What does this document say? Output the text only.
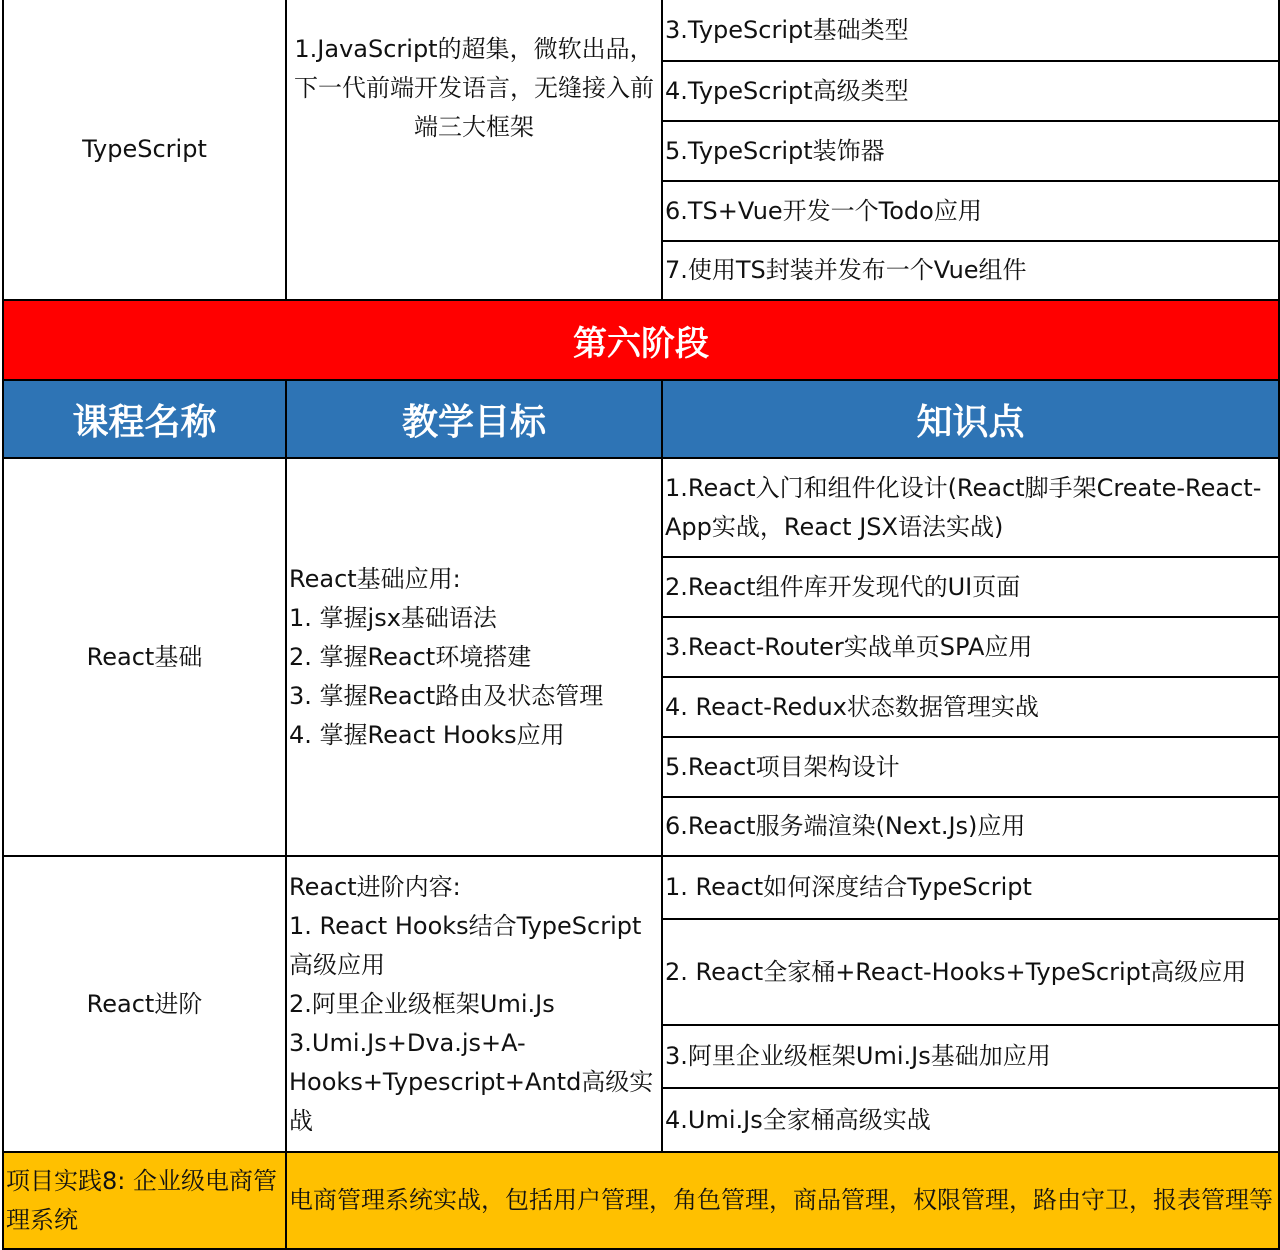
TypeScript
1.JavaScript的超集，微软出品，下一代前端开发语言，无缝接入前端三大框架
3.TypeScript基础类型
4.TypeScript高级类型
5.TypeScript装饰器
6.TS+Vue开发一个Todo应用
7.使用TS封装并发布一个Vue组件
第六阶段
课程名称	教学目标	知识点
React基础
React基础应用:
1. 掌握jsx基础语法
2. 掌握React环境搭建
3. 掌握React路由及状态管理
4. 掌握React Hooks应用
1.React入门和组件化设计(React脚手架Create-React-App实战，React JSX语法实战)
2.React组件库开发现代的UI页面
3.React-Router实战单页SPA应用
4. React-Redux状态数据管理实战
5.React项目架构设计
6.React服务端渲染(Next.Js)应用
React进阶
React进阶内容:
1. React Hooks结合TypeScript高级应用
2.阿里企业级框架Umi.Js
3.Umi.Js+Dva.js+A-Hooks+Typescript+Antd高级实战
1. React如何深度结合TypeScript
2. React全家桶+React-Hooks+TypeScript高级应用
3.阿里企业级框架Umi.Js基础加应用
4.Umi.Js全家桶高级实战
项目实践8: 企业级电商管理系统
电商管理系统实战，包括用户管理，角色管理，商品管理，权限管理，路由守卫，报表管理等
